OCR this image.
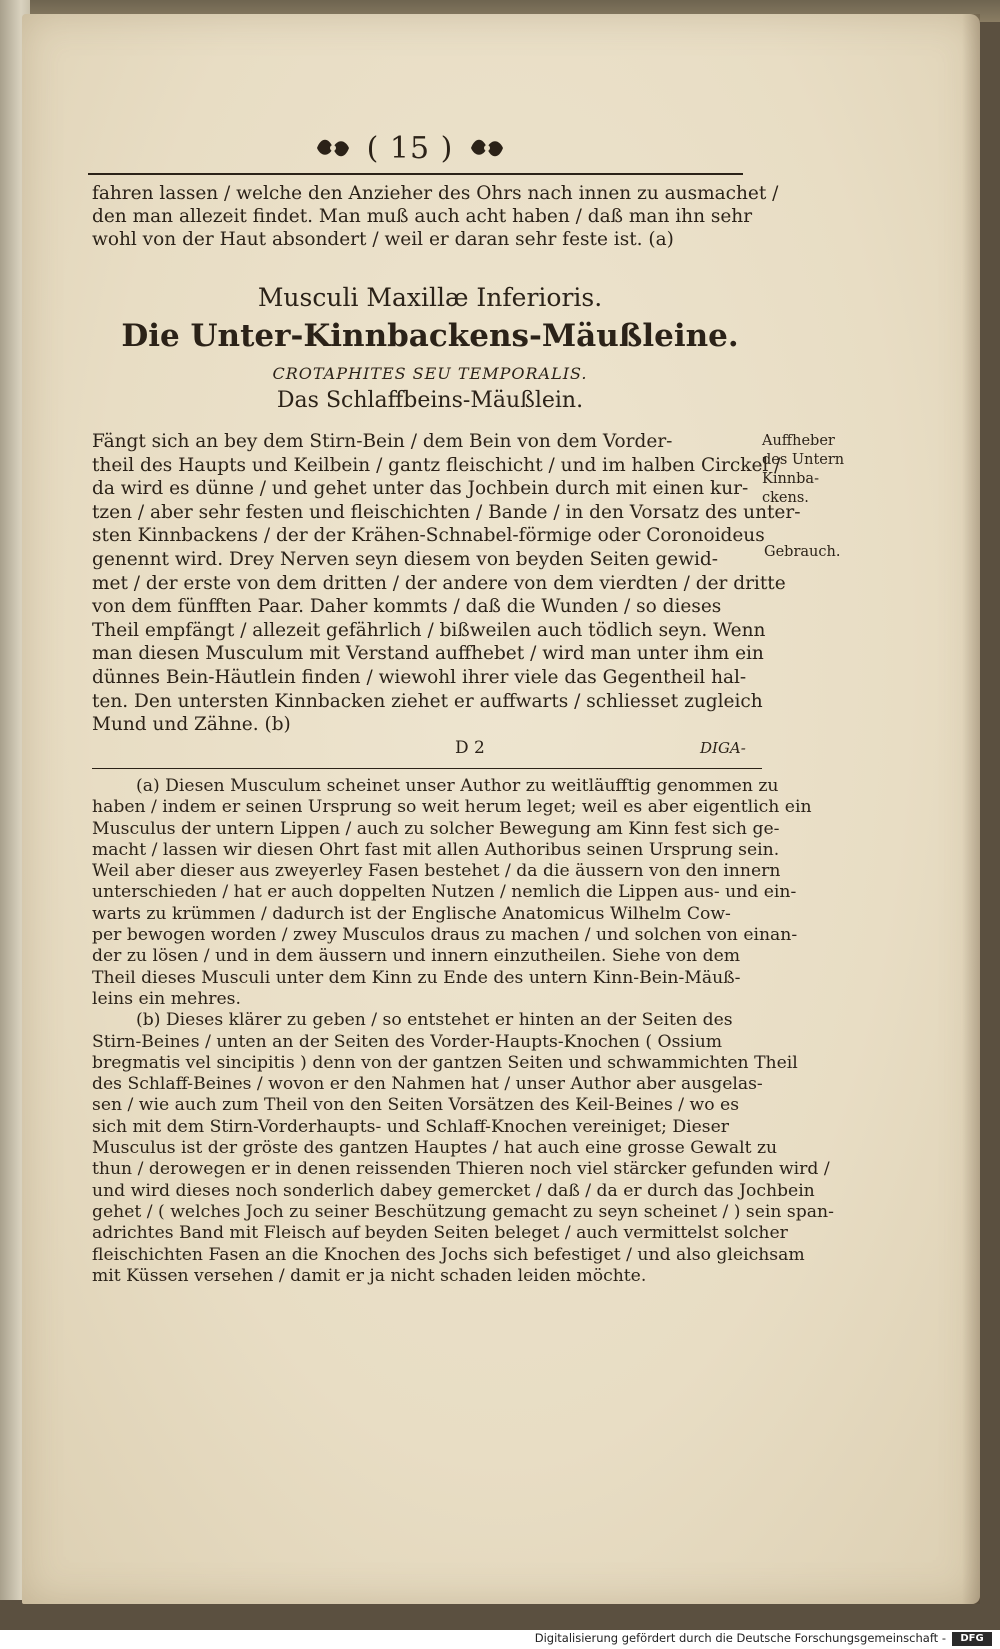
( 15 )
fahren lassen / welche den Anzieher des Ohrs nach innen zu ausmachet /
den man allezeit findet. Man muß auch acht haben / daß man ihn sehr
wohl von der Haut absondert / weil er daran sehr feste ist. (a)
Musculi Maxillæ Inferioris.
Die Unter-Kinnbackens-Mäußleine.
CROTAPHITES SEU TEMPORALIS.
Das Schlaffbeins-Mäußlein.
Fängt sich an bey dem Stirn-Bein / dem Bein von dem Vorder-
theil des Haupts und Keilbein / gantz fleischicht / und im halben Circkel /
da wird es dünne / und gehet unter das Jochbein durch mit einen kur-
tzen / aber sehr festen und fleischichten / Bande / in den Vorsatz des unter-
sten Kinnbackens / der der Krähen-Schnabel-förmige oder Coronoideus
genennt wird. Drey Nerven seyn diesem von beyden Seiten gewid-
met / der erste von dem dritten / der andere von dem vierdten / der dritte
von dem fünfften Paar. Daher kommts / daß die Wunden / so dieses
Theil empfängt / allezeit gefährlich / bißweilen auch tödlich seyn. Wenn
man diesen Musculum mit Verstand auffhebet / wird man unter ihm ein
dünnes Bein-Häutlein finden / wiewohl ihrer viele das Gegentheil hal-
ten. Den untersten Kinnbacken ziehet er auffwarts / schliesset zugleich
Mund und Zähne. (b)
Auffheber
des Untern
Kinnba-
ckens.
Gebrauch.
D 2	DIGA-
(a) Diesen Musculum scheinet unser Author zu weitläufftig genommen zu
haben / indem er seinen Ursprung so weit herum leget; weil es aber eigentlich ein
Musculus der untern Lippen / auch zu solcher Bewegung am Kinn fest sich ge-
macht / lassen wir diesen Ohrt fast mit allen Authoribus seinen Ursprung sein.
Weil aber dieser aus zweyerley Fasen bestehet / da die äussern von den innern
unterschieden / hat er auch doppelten Nutzen / nemlich die Lippen aus- und ein-
warts zu krümmen / dadurch ist der Englische Anatomicus Wilhelm Cow-
per bewogen worden / zwey Musculos draus zu machen / und solchen von einan-
der zu lösen / und in dem äussern und innern einzutheilen. Siehe von dem
Theil dieses Musculi unter dem Kinn zu Ende des untern Kinn-Bein-Mäuß-
leins ein mehres.
(b) Dieses klärer zu geben / so entstehet er hinten an der Seiten des
Stirn-Beines / unten an der Seiten des Vorder-Haupts-Knochen ( Ossium
bregmatis vel sincipitis ) denn von der gantzen Seiten und schwammichten Theil
des Schlaff-Beines / wovon er den Nahmen hat / unser Author aber ausgelas-
sen / wie auch zum Theil von den Seiten Vorsätzen des Keil-Beines / wo es
sich mit dem Stirn-Vorderhaupts- und Schlaff-Knochen vereiniget; Dieser
Musculus ist der gröste des gantzen Hauptes / hat auch eine grosse Gewalt zu
thun / derowegen er in denen reissenden Thieren noch viel stärcker gefunden wird /
und wird dieses noch sonderlich dabey gemercket / daß / da er durch das Jochbein
gehet / ( welches Joch zu seiner Beschützung gemacht zu seyn scheinet / ) sein span-
adrichtes Band mit Fleisch auf beyden Seiten beleget / auch vermittelst solcher
fleischichten Fasen an die Knochen des Jochs sich befestiget / und also gleichsam
mit Küssen versehen / damit er ja nicht schaden leiden möchte.
Digitalisierung gefördert durch die Deutsche Forschungsgemeinschaft -	DFG
